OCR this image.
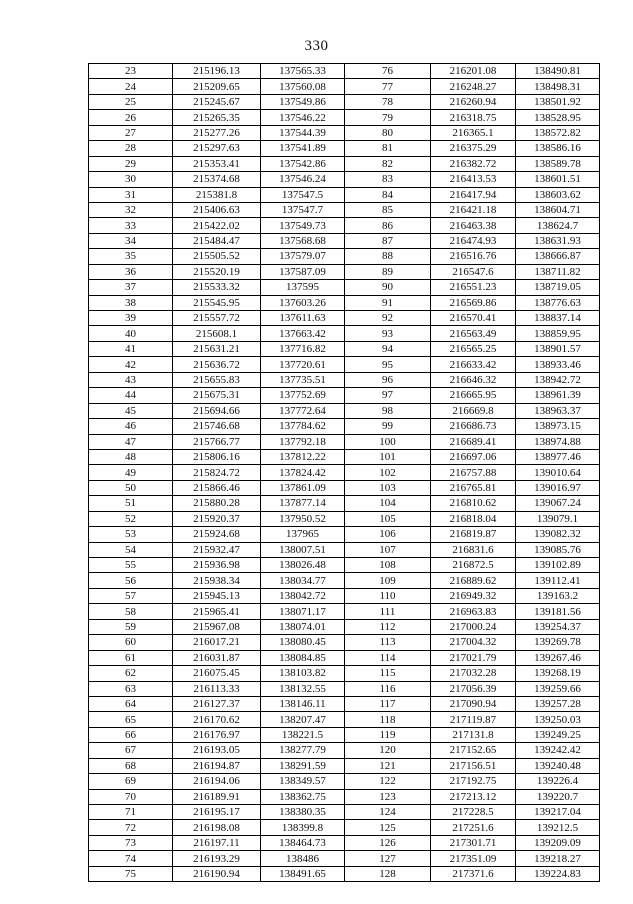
330
23	215196.13	137565.33	76	216201.08	138490.81
24	215209.65	137560.08	77	216248.27	138498.31
25	215245.67	137549.86	78	216260.94	138501.92
26	215265.35	137546.22	79	216318.75	138528.95
27	215277.26	137544.39	80	216365.1	138572.82
28	215297.63	137541.89	81	216375.29	138586.16
29	215353.41	137542.86	82	216382.72	138589.78
30	215374.68	137546.24	83	216413.53	138601.51
31	215381.8	137547.5	84	216417.94	138603.62
32	215406.63	137547.7	85	216421.18	138604.71
33	215422.02	137549.73	86	216463.38	138624.7
34	215484.47	137568.68	87	216474.93	138631.93
35	215505.52	137579.07	88	216516.76	138666.87
36	215520.19	137587.09	89	216547.6	138711.82
37	215533.32	137595	90	216551.23	138719.05
38	215545.95	137603.26	91	216569.86	138776.63
39	215557.72	137611.63	92	216570.41	138837.14
40	215608.1	137663.42	93	216563.49	138859.95
41	215631.21	137716.82	94	216565.25	138901.57
42	215636.72	137720.61	95	216633.42	138933.46
43	215655.83	137735.51	96	216646.32	138942.72
44	215675.31	137752.69	97	216665.95	138961.39
45	215694.66	137772.64	98	216669.8	138963.37
46	215746.68	137784.62	99	216686.73	138973.15
47	215766.77	137792.18	100	216689.41	138974.88
48	215806.16	137812.22	101	216697.06	138977.46
49	215824.72	137824.42	102	216757.88	139010.64
50	215866.46	137861.09	103	216765.81	139016.97
51	215880.28	137877.14	104	216810.62	139067.24
52	215920.37	137950.52	105	216818.04	139079.1
53	215924.68	137965	106	216819.87	139082.32
54	215932.47	138007.51	107	216831.6	139085.76
55	215936.98	138026.48	108	216872.5	139102.89
56	215938.34	138034.77	109	216889.62	139112.41
57	215945.13	138042.72	110	216949.32	139163.2
58	215965.41	138071.17	111	216963.83	139181.56
59	215967.08	138074.01	112	217000.24	139254.37
60	216017.21	138080.45	113	217004.32	139269.78
61	216031.87	138084.85	114	217021.79	139267.46
62	216075.45	138103.82	115	217032.28	139268.19
63	216113.33	138132.55	116	217056.39	139259.66
64	216127.37	138146.11	117	217090.94	139257.28
65	216170.62	138207.47	118	217119.87	139250.03
66	216176.97	138221.5	119	217131.8	139249.25
67	216193.05	138277.79	120	217152.65	139242.42
68	216194.87	138291.59	121	217156.51	139240.48
69	216194.06	138349.57	122	217192.75	139226.4
70	216189.91	138362.75	123	217213.12	139220.7
71	216195.17	138380.35	124	217228.5	139217.04
72	216198.08	138399.8	125	217251.6	139212.5
73	216197.11	138464.73	126	217301.71	139209.09
74	216193.29	138486	127	217351.09	139218.27
75	216190.94	138491.65	128	217371.6	139224.83
